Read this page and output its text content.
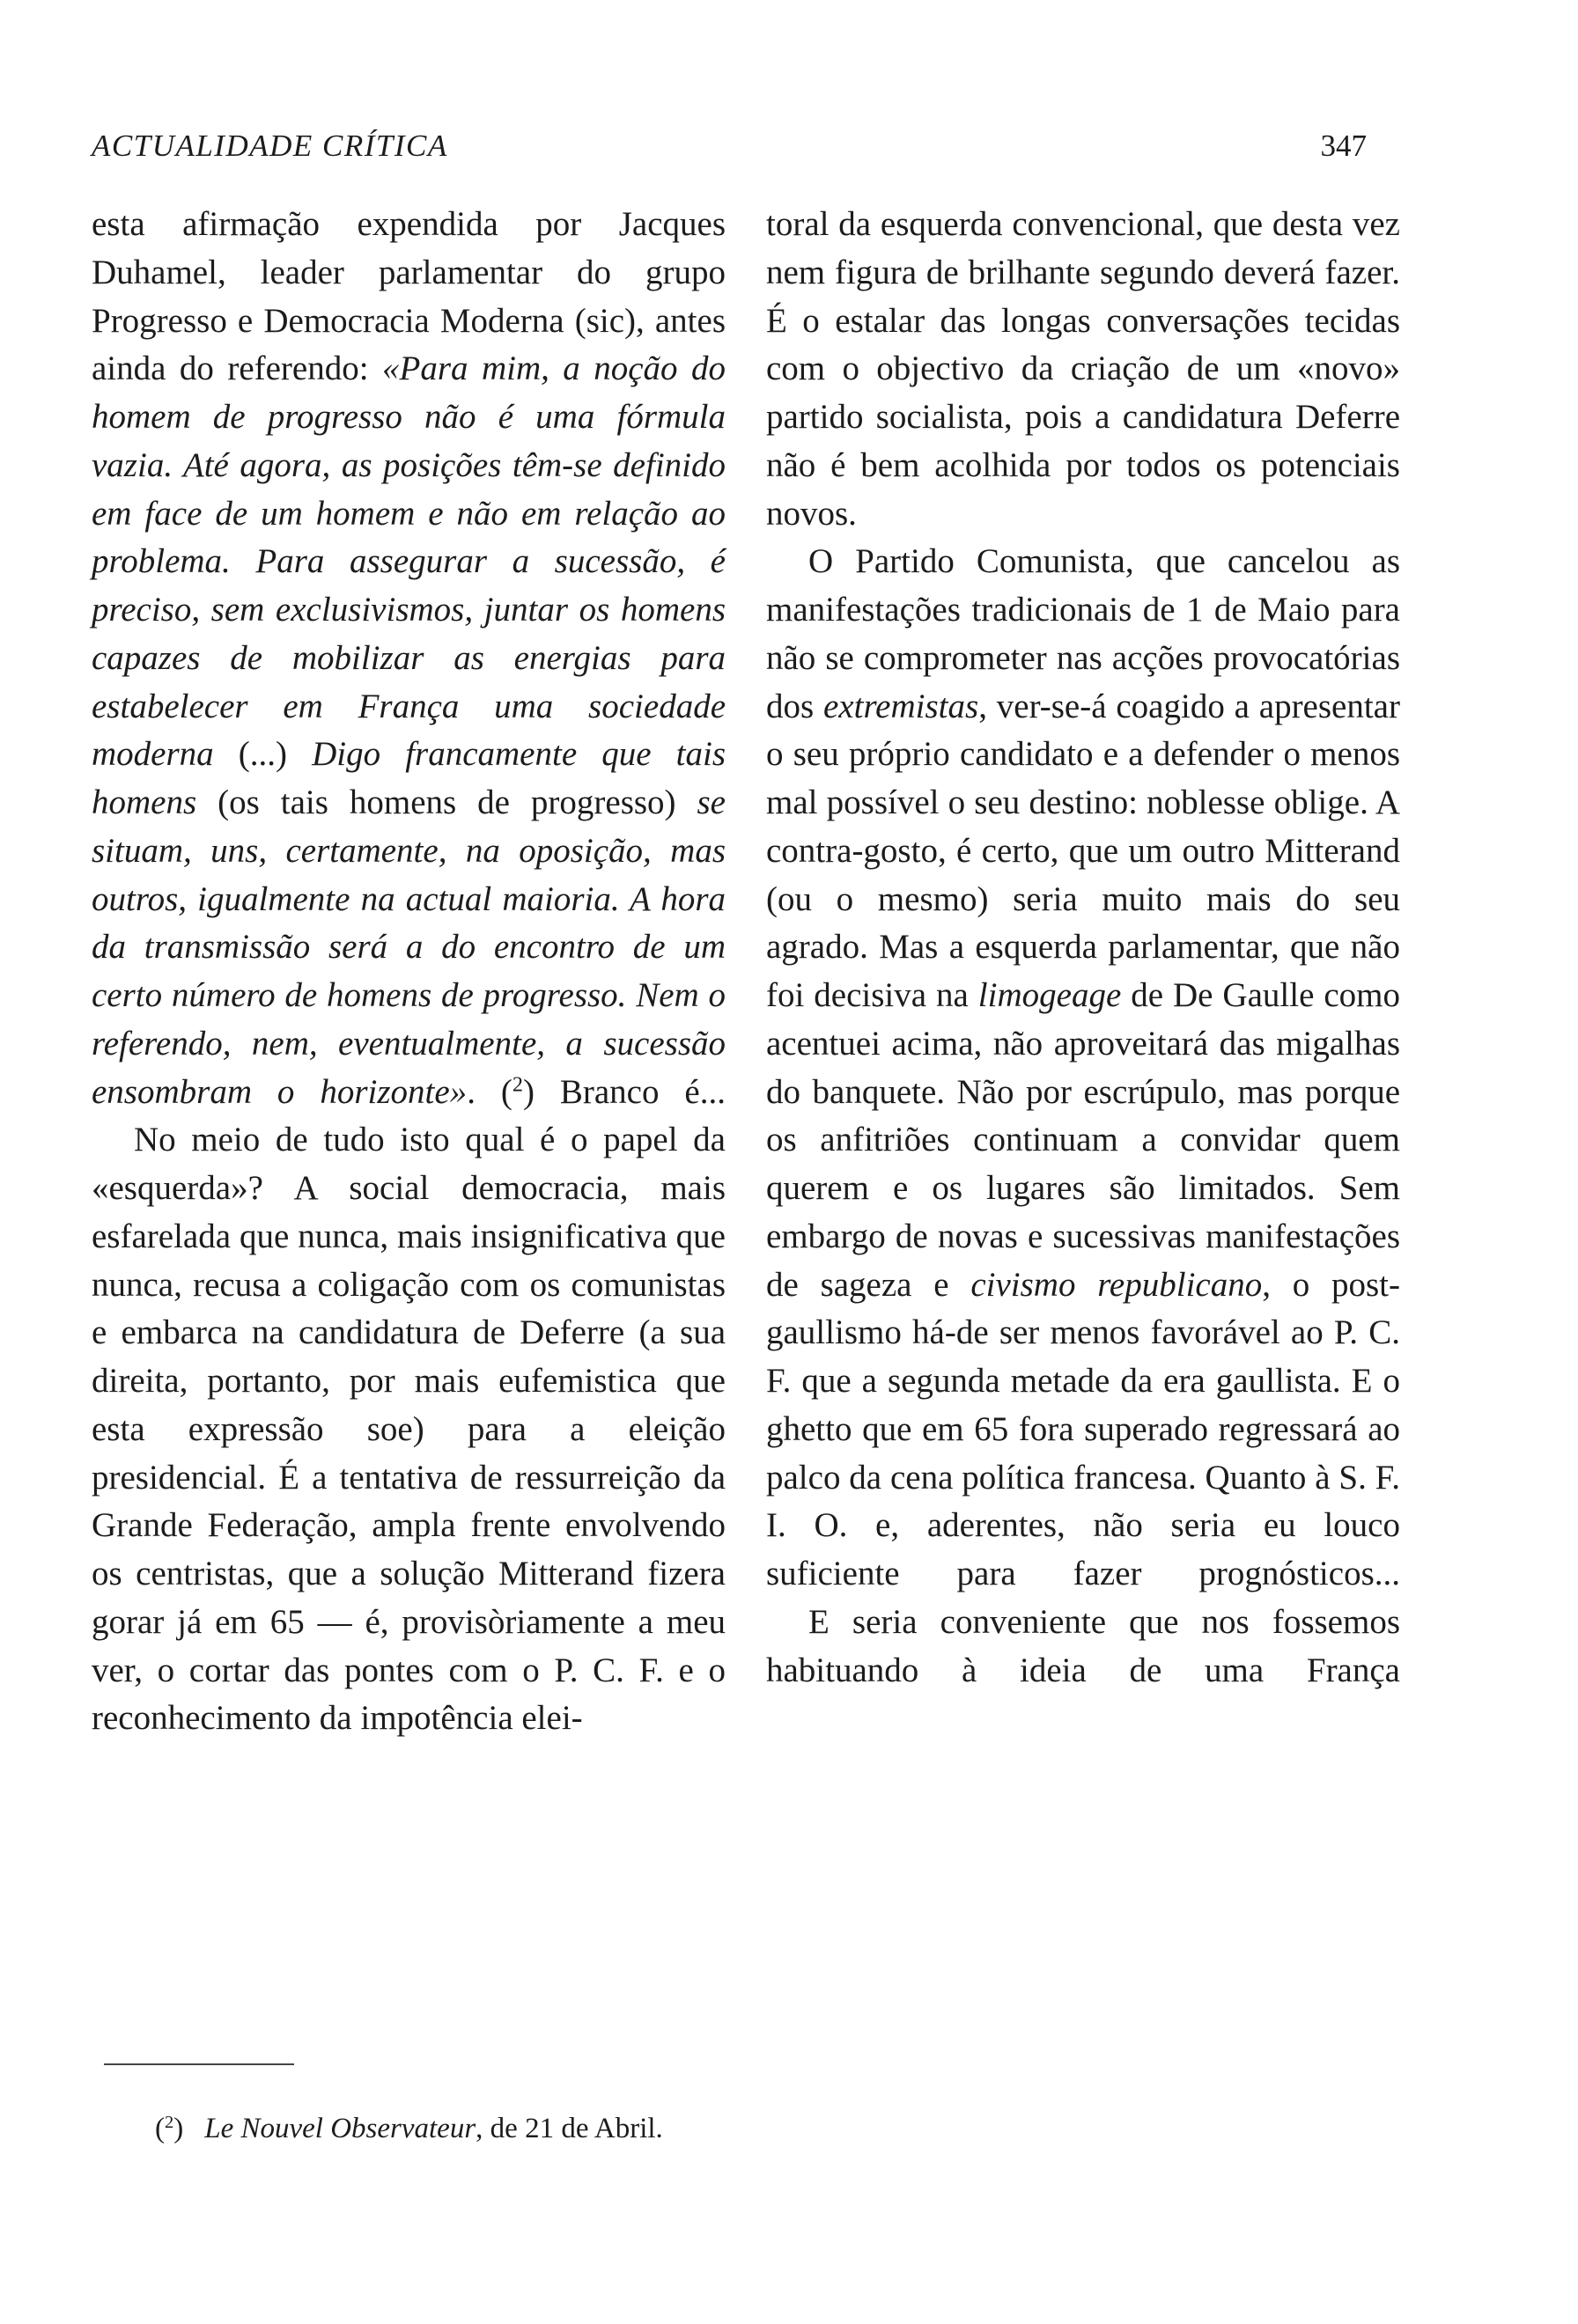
ACTUALIDADE CRÍTICA	347

esta afirmação expendida por Jacques Duhamel, leader parlamentar do grupo Progresso e Democracia Moderna (sic), antes ainda do referendo: «Para mim, a noção do homem de progresso não é uma fórmula vazia. Até agora, as posições têm-se definido em face de um homem e não em relação ao problema. Para assegurar a sucessão, é preciso, sem exclusivismos, juntar os homens capazes de mobilizar as energias para estabelecer em França uma sociedade moderna (...) Digo francamente que tais homens (os tais homens de progresso) se situam, uns, certamente, na oposição, mas outros, igualmente na actual maioria. A hora da transmissão será a do encontro de um certo número de homens de progresso. Nem o referendo, nem, eventualmente, a sucessão ensombram o horizonte». ($^2$) Branco é...

No meio de tudo isto qual é o papel da «esquerda»? A social democracia, mais esfarelada que nunca, mais insignificativa que nunca, recusa a coligação com os comunistas e embarca na candidatura de Deferre (a sua direita, portanto, por mais eufemistica que esta expressão soe) para a eleição presidencial. É a tentativa de ressurreição da Grande Federação, ampla frente envolvendo os centristas, que a solução Mitterand fizera gorar já em 65 — é, provisòriamente a meu ver, o cortar das pontes com o P. C. F. e o reconhecimento da impotência elei-

toral da esquerda convencional, que desta vez nem figura de brilhante segundo deverá fazer. É o estalar das longas conversações tecidas com o objectivo da criação de um «novo» partido socialista, pois a candidatura Deferre não é bem acolhida por todos os potenciais novos.

O Partido Comunista, que cancelou as manifestações tradicionais de 1 de Maio para não se comprometer nas acções provocatórias dos extremistas, ver-se-á coagido a apresentar o seu próprio candidato e a defender o menos mal possível o seu destino: noblesse oblige. A contra-gosto, é certo, que um outro Mitterand (ou o mesmo) seria muito mais do seu agrado. Mas a esquerda parlamentar, que não foi decisiva na limogeage de De Gaulle como acentuei acima, não aproveitará das migalhas do banquete. Não por escrúpulo, mas porque os anfitriões continuam a convidar quem querem e os lugares são limitados. Sem embargo de novas e sucessivas manifestações de sageza e civismo republicano, o post-gaullismo há-de ser menos favorável ao P. C. F. que a segunda metade da era gaullista. E o ghetto que em 65 fora superado regressará ao palco da cena política francesa. Quanto à S. F. I. O. e, aderentes, não seria eu louco suficiente para fazer prognósticos...

E seria conveniente que nos fossemos habituando à ideia de uma França

($^2$) Le Nouvel Observateur, de 21 de Abril.
